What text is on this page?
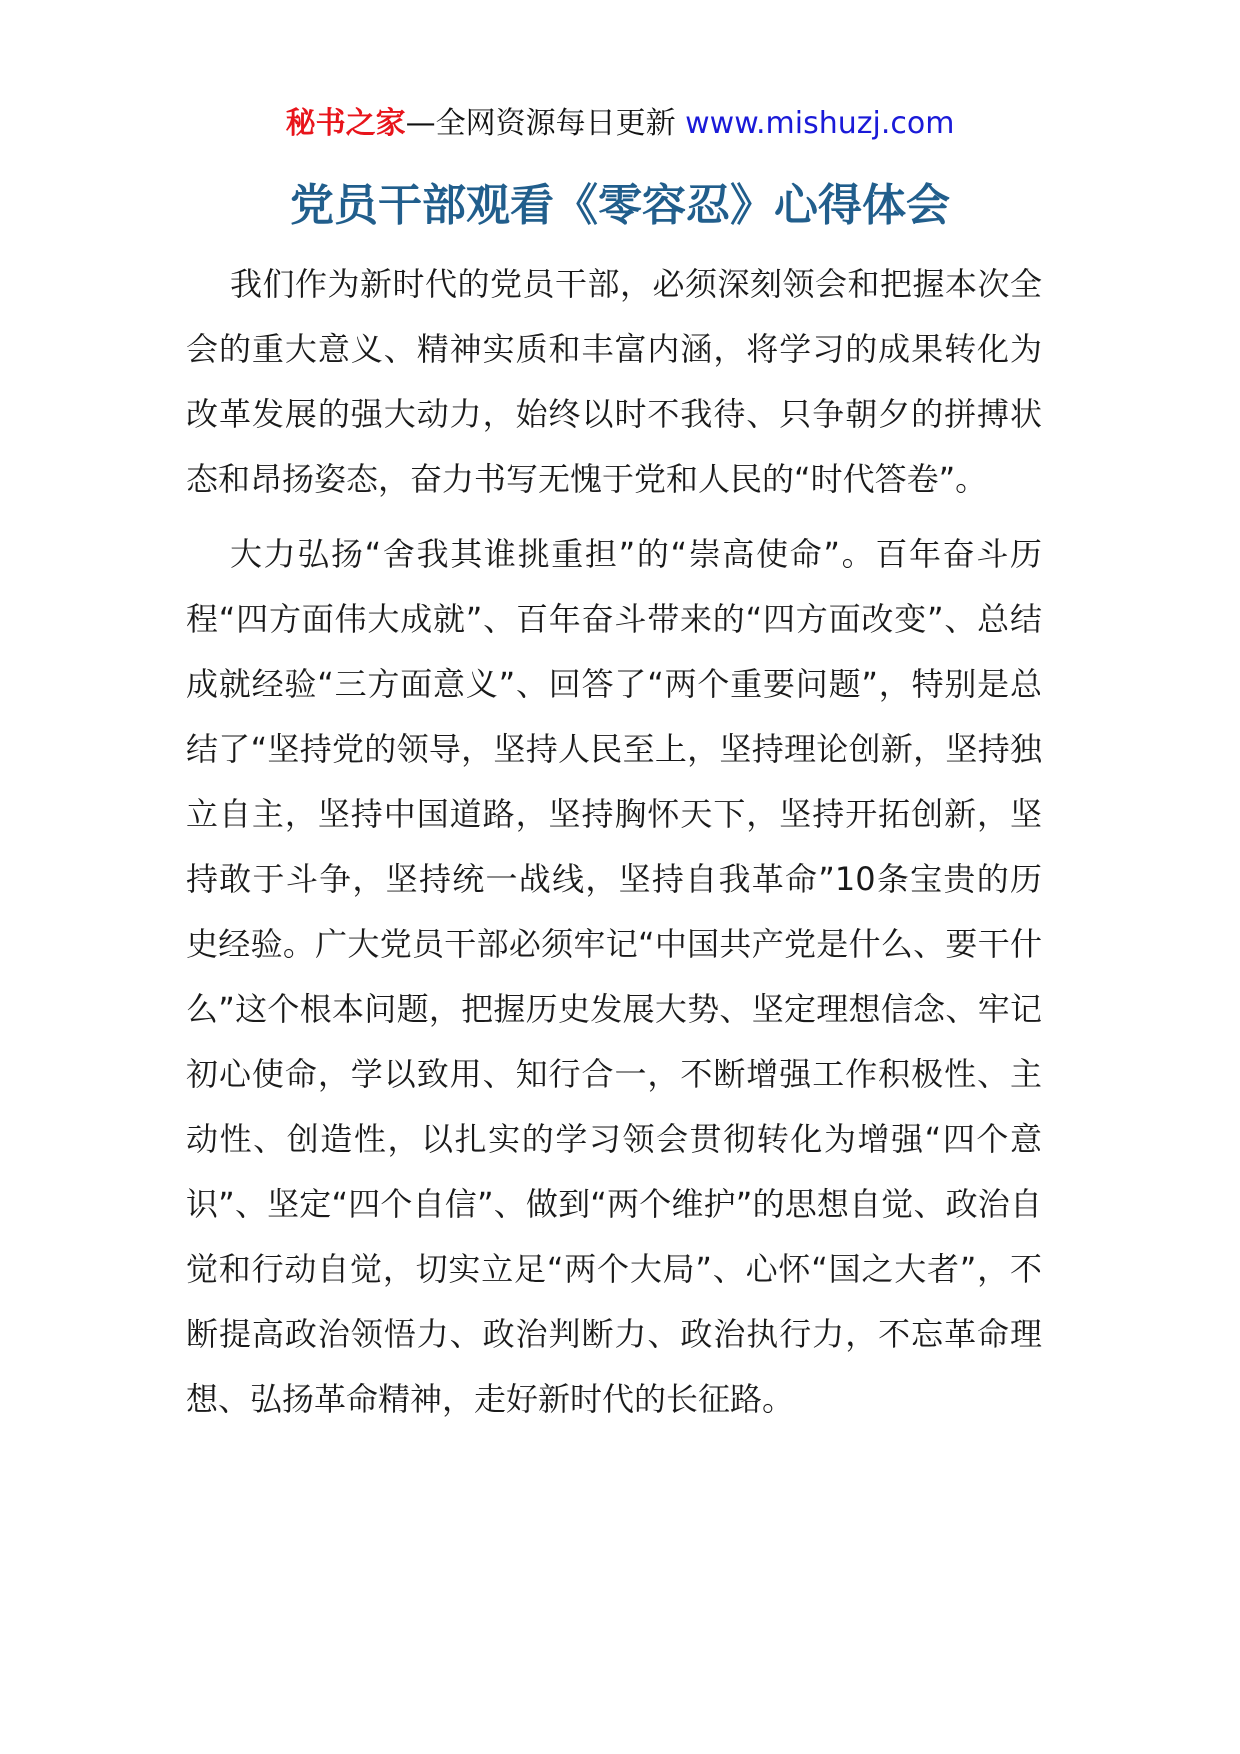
秘书之家—全网资源每日更新 www.mishuzj.com
党员干部观看《零容忍》心得体会

我们作为新时代的党员干部，必须深刻领会和把握本次全会的重大意义、精神实质和丰富内涵，将学习的成果转化为改革发展的强大动力，始终以时不我待、只争朝夕的拼搏状态和昂扬姿态，奋力书写无愧于党和人民的“时代答卷”。

大力弘扬“舍我其谁挑重担”的“崇高使命”。百年奋斗历程“四方面伟大成就”、百年奋斗带来的“四方面改变”、总结成就经验“三方面意义”、回答了“两个重要问题”，特别是总结了“坚持党的领导，坚持人民至上，坚持理论创新，坚持独立自主，坚持中国道路，坚持胸怀天下，坚持开拓创新，坚持敢于斗争，坚持统一战线，坚持自我革命”10条宝贵的历史经验。广大党员干部必须牢记“中国共产党是什么、要干什么”这个根本问题，把握历史发展大势、坚定理想信念、牢记初心使命，学以致用、知行合一，不断增强工作积极性、主动性、创造性，以扎实的学习领会贯彻转化为增强“四个意识”、坚定“四个自信”、做到“两个维护”的思想自觉、政治自觉和行动自觉，切实立足“两个大局”、心怀“国之大者”，不断提高政治领悟力、政治判断力、政治执行力，不忘革命理想、弘扬革命精神，走好新时代的长征路。
